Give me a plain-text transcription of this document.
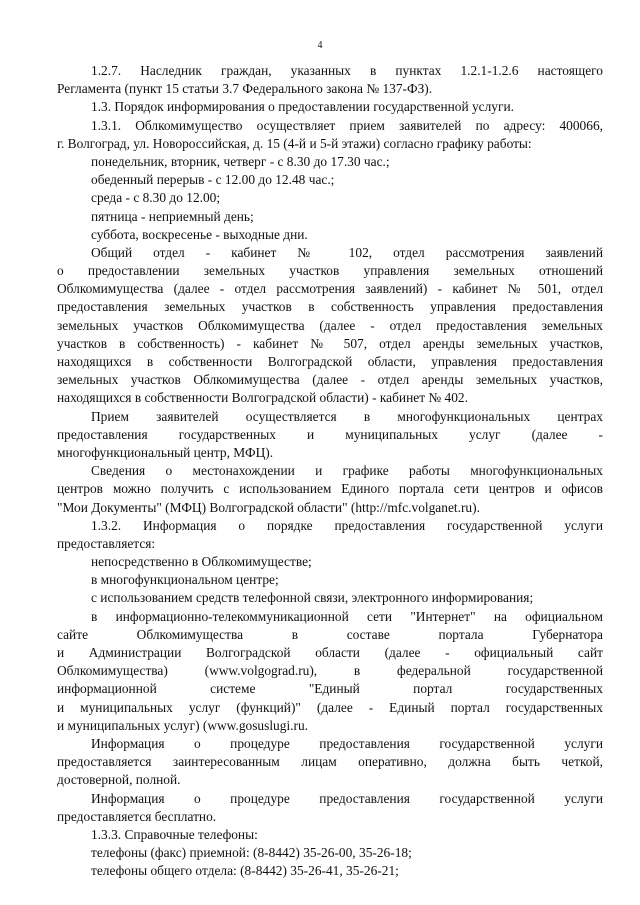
4
1.2.7. Наследник граждан, указанных в пунктах 1.2.1-1.2.6 настоящего
Регламента (пункт 15 статьи 3.7 Федерального закона № 137-ФЗ).
1.3. Порядок информирования о предоставлении государственной услуги.
1.3.1. Облкомимущество осуществляет прием заявителей по адресу: 400066,
г. Волгоград, ул. Новороссийская, д. 15 (4-й и 5-й этажи) согласно графику работы:
понедельник, вторник, четверг - с 8.30 до 17.30 час.;
обеденный перерыв - с 12.00 до 12.48 час.;
среда - с 8.30 до 12.00;
пятница - неприемный день;
суббота, воскресенье - выходные дни.
Общий отдел - кабинет № 102, отдел рассмотрения заявлений
о предоставлении земельных участков управления земельных отношений
Облкомимущества (далее - отдел рассмотрения заявлений) - кабинет № 501, отдел
предоставления земельных участков в собственность управления предоставления
земельных участков Облкомимущества (далее - отдел предоставления земельных
участков в собственность) - кабинет № 507, отдел аренды земельных участков,
находящихся в собственности Волгоградской области, управления предоставления
земельных участков Облкомимущества (далее - отдел аренды земельных участков,
находящихся в собственности Волгоградской области) - кабинет № 402.
Прием заявителей осуществляется в многофункциональных центрах
предоставления государственных и муниципальных услуг (далее -
многофункциональный центр, МФЦ).
Сведения о местонахождении и графике работы многофункциональных
центров можно получить с использованием Единого портала сети центров и офисов
"Мои Документы" (МФЦ) Волгоградской области" (http://mfc.volganet.ru).
1.3.2. Информация о порядке предоставления государственной услуги
предоставляется:
непосредственно в Облкомимуществе;
в многофункциональном центре;
с использованием средств телефонной связи, электронного информирования;
в информационно-телекоммуникационной сети "Интернет" на официальном
сайте Облкомимущества в составе портала Губернатора
и Администрации Волгоградской области (далее - официальный сайт
Облкомимущества) (www.volgograd.ru), в федеральной государственной
информационной системе "Единый портал государственных
и муниципальных услуг (функций)" (далее - Единый портал государственных
и муниципальных услуг) (www.gosuslugi.ru.
Информация о процедуре предоставления государственной услуги
предоставляется заинтересованным лицам оперативно, должна быть четкой,
достоверной, полной.
Информация о процедуре предоставления государственной услуги
предоставляется бесплатно.
1.3.3. Справочные телефоны:
телефоны (факс) приемной: (8-8442) 35-26-00, 35-26-18;
телефоны общего отдела: (8-8442) 35-26-41, 35-26-21;
